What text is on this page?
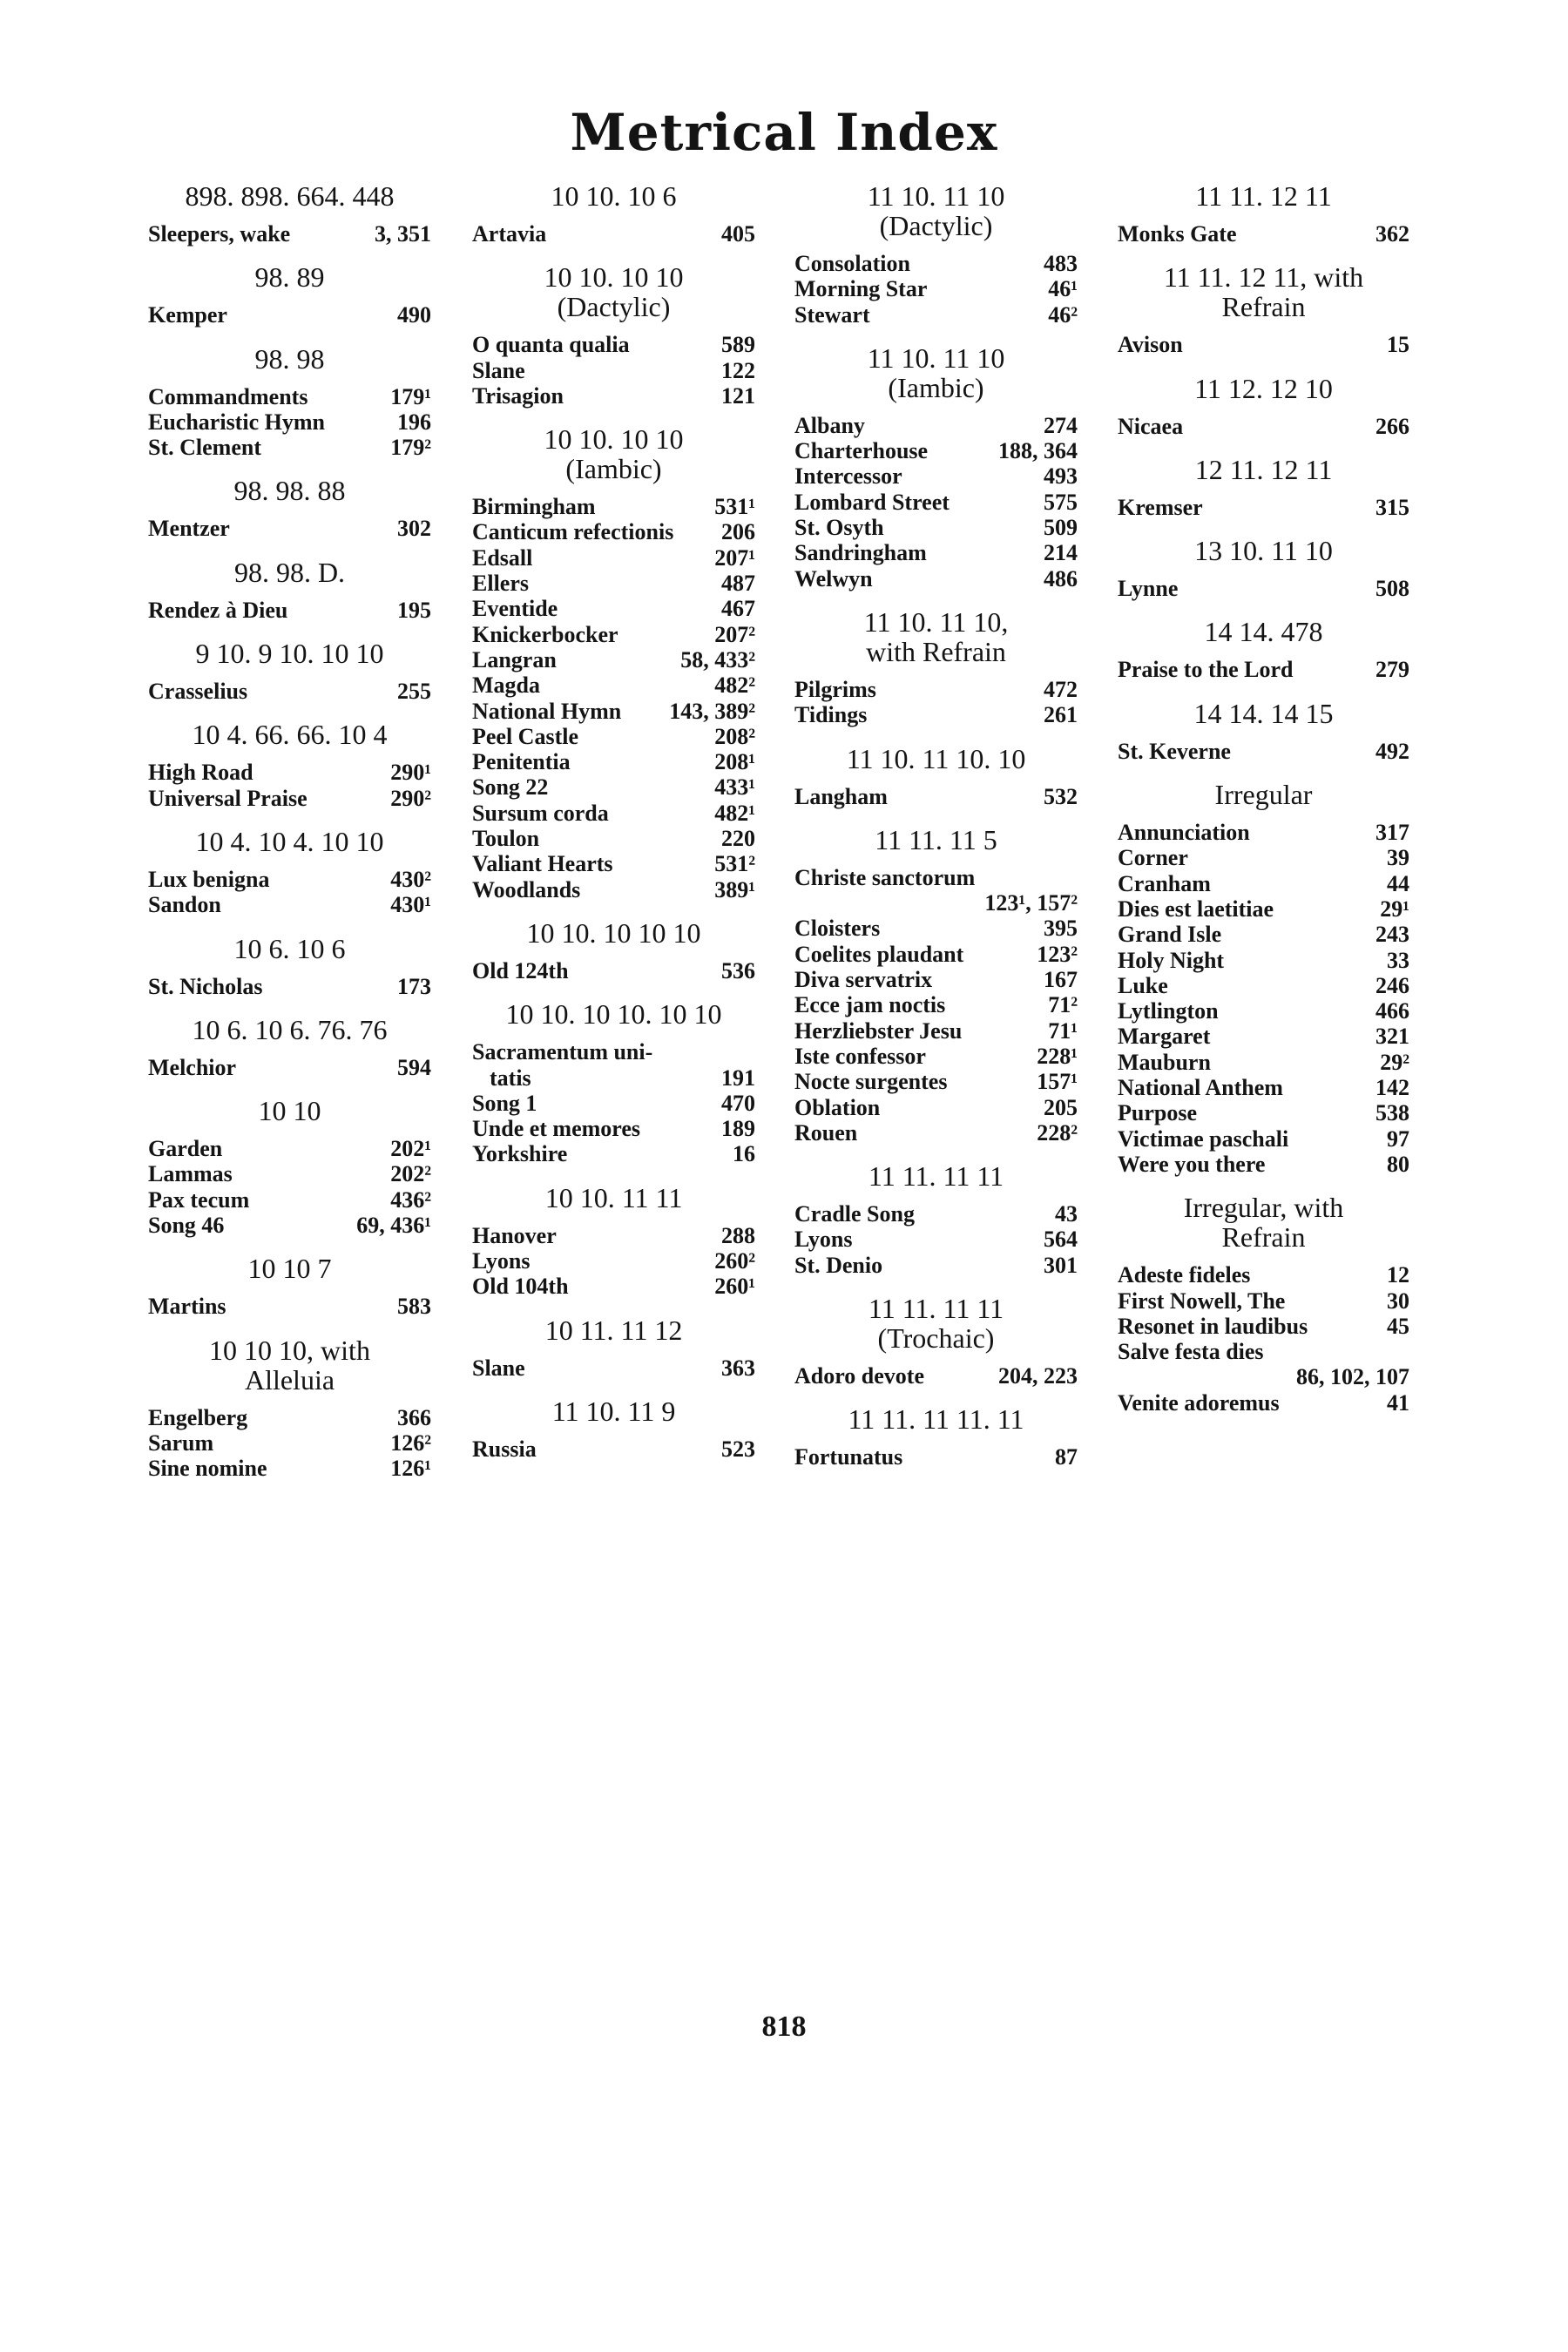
Metrical Index
898. 898. 664. 448
Sleepers, wake	3, 351
98. 89
Kemper	490
98. 98
Commandments	179¹
Eucharistic Hymn	196
St. Clement	179²
98. 98. 88
Mentzer	302
98. 98. D.
Rendez à Dieu	195
9 10. 9 10. 10 10
Crasselius	255
10 4. 66. 66. 10 4
High Road	290¹
Universal Praise	290²
10 4. 10 4. 10 10
Lux benigna	430²
Sandon	430¹
10 6. 10 6
St. Nicholas	173
10 6. 10 6. 76. 76
Melchior	594
10 10
Garden	202¹
Lammas	202²
Pax tecum	436²
Song 46	69, 436¹
10 10 7
Martins	583
10 10 10, with
Alleluia
Engelberg	366
Sarum	126²
Sine nomine	126¹
10 10. 10 6
Artavia	405
10 10. 10 10
(Dactylic)
O quanta qualia	589
Slane	122
Trisagion	121
10 10. 10 10
(Iambic)
Birmingham	531¹
Canticum refectionis 206
Edsall	207¹
Ellers	487
Eventide	467
Knickerbocker	207²
Langran	58, 433²
Magda	482²
National Hymn 143, 389²
Peel Castle	208²
Penitentia	208¹
Song 22	433¹
Sursum corda	482¹
Toulon	220
Valiant Hearts	531²
Woodlands	389¹
10 10. 10 10 10
Old 124th	536
10 10. 10 10. 10 10
Sacramentum uni-
tatis	191
Song 1	470
Unde et memores	189
Yorkshire	16
10 10. 11 11
Hanover	288
Lyons	260²
Old 104th	260¹
10 11. 11 12
Slane	363
11 10. 11 9
Russia	523
11 10. 11 10
(Dactylic)
Consolation	483
Morning Star	46¹
Stewart	46²
11 10. 11 10
(Iambic)
Albany	274
Charterhouse	188, 364
Intercessor	493
Lombard Street	575
St. Osyth	509
Sandringham	214
Welwyn	486
11 10. 11 10,
with Refrain
Pilgrims	472
Tidings	261
11 10. 11 10. 10
Langham	532
11 11. 11 5
Christe sanctorum
123¹, 157²
Cloisters	395
Coelites plaudant	123²
Diva servatrix	167
Ecce jam noctis	71²
Herzliebster Jesu	71¹
Iste confessor	228¹
Nocte surgentes	157¹
Oblation	205
Rouen	228²
11 11. 11 11
Cradle Song	43
Lyons	564
St. Denio	301
11 11. 11 11
(Trochaic)
Adoro devote	204, 223
11 11. 11 11. 11
Fortunatus	87
11 11. 12 11
Monks Gate	362
11 11. 12 11, with
Refrain
Avison	15
11 12. 12 10
Nicaea	266
12 11. 12 11
Kremser	315
13 10. 11 10
Lynne	508
14 14. 478
Praise to the Lord	279
14 14. 14 15
St. Keverne	492
Irregular
Annunciation	317
Corner	39
Cranham	44
Dies est laetitiae	29¹
Grand Isle	243
Holy Night	33
Luke	246
Lytlington	466
Margaret	321
Mauburn	29²
National Anthem	142
Purpose	538
Victimae paschali	97
Were you there	80
Irregular, with
Refrain
Adeste fideles	12
First Nowell, The	30
Resonet in laudibus	45
Salve festa dies
86, 102, 107
Venite adoremus	41
818
